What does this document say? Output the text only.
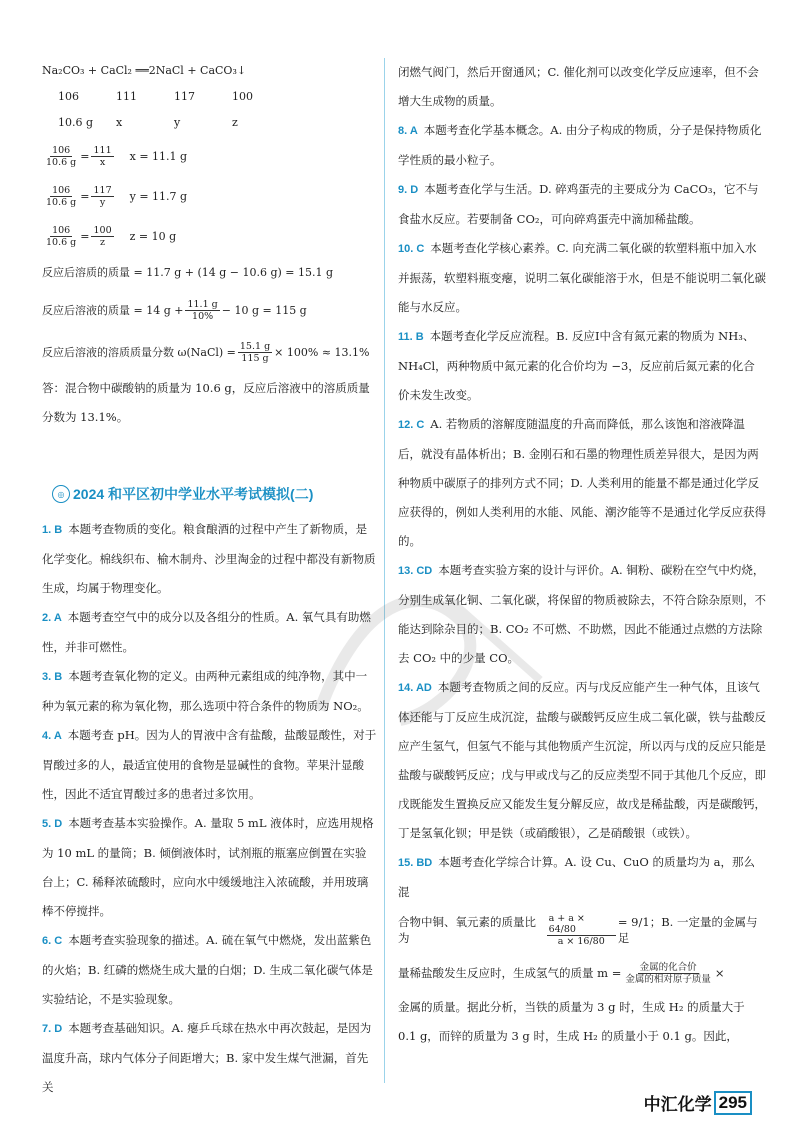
Na₂CO₃ + CaCl₂ ══2NaCl + CaCO₃↓
106	111	117	100
10.6 g x	y	z
$\frac{106}{10.6 g} = \frac{111}{x}$ x = 11.1 g
$\frac{106}{10.6 g} = \frac{117}{y}$ y = 11.7 g
$\frac{106}{10.6 g} = \frac{100}{z}$ z = 10 g
反应后溶质的质量 = 11.7 g + (14 g − 10.6 g) = 15.1 g
反应后溶液的质量 = 14 $g + \frac{11.1 g}{10\%} - 10$ g = 115 g
反应后溶液的溶质质量分数 ω(NaCl) = $\frac{15.1 g}{115 g} \times 100\% \approx 13.1\%$

答：混合物中碳酸钠的质量为 10.6 g，反应后溶液中的溶质质量分数为 13.1%。

◎ 2024 和平区初中学业水平考试模拟(二)

1. B 本题考查物质的变化。粮食酿酒的过程中产生了新物质，是化学变化。棉线织布、榆木制舟、沙里淘金的过程中都没有新物质生成，均属于物理变化。

2. A 本题考查空气中的成分以及各组分的性质。A. 氧气具有助燃性，并非可燃性。

3. B 本题考查氧化物的定义。由两种元素组成的纯净物，其中一种为氧元素的称为氧化物，那么选项中符合条件的物质为 NO₂。

4. A 本题考查 pH。因为人的胃液中含有盐酸，盐酸显酸性，对于胃酸过多的人，最适宜使用的食物是显碱性的食物。苹果汁显酸性，因此不适宜胃酸过多的患者过多饮用。

5. D 本题考查基本实验操作。A. 量取 5 mL 液体时，应选用规格为 10 mL 的量筒；B. 倾倒液体时，试剂瓶的瓶塞应倒置在实验台上；C. 稀释浓硫酸时，应向水中缓缓地注入浓硫酸，并用玻璃棒不停搅拌。

6. C 本题考查实验现象的描述。A. 硫在氧气中燃烧，发出蓝紫色的火焰；B. 红磷的燃烧生成大量的白烟；D. 生成二氧化碳气体是实验结论，不是实验现象。

7. D 本题考查基础知识。A. 瘪乒乓球在热水中再次鼓起，是因为温度升高，球内气体分子间距增大；B. 家中发生煤气泄漏，首先关

闭燃气阀门，然后开窗通风；C. 催化剂可以改变化学反应速率，但不会增大生成物的质量。

8. A 本题考查化学基本概念。A. 由分子构成的物质，分子是保持物质化学性质的最小粒子。

9. D 本题考查化学与生活。D. 碎鸡蛋壳的主要成分为 CaCO₃，它不与食盐水反应。若要制备 CO₂，可向碎鸡蛋壳中滴加稀盐酸。

10. C 本题考查化学核心素养。C. 向充满二氧化碳的软塑料瓶中加入水并振荡，软塑料瓶变瘪，说明二氧化碳能溶于水，但是不能说明二氧化碳能与水反应。

11. B 本题考查化学反应流程。B. 反应Ⅰ中含有氮元素的物质为 NH₃、NH₄Cl，两种物质中氮元素的化合价均为 −3，反应前后氮元素的化合价未发生改变。

12. C A. 若物质的溶解度随温度的升高而降低，那么该饱和溶液降温后，就没有晶体析出；B. 金刚石和石墨的物理性质差异很大，是因为两种物质中碳原子的排列方式不同；D. 人类利用的能量不都是通过化学反应获得的，例如人类利用的水能、风能、潮汐能等不是通过化学反应获得的。

13. CD 本题考查实验方案的设计与评价。A. 铜粉、碳粉在空气中灼烧，分别生成氧化铜、二氧化碳，将保留的物质被除去，不符合除杂原则，不能达到除杂目的；B. CO₂ 不可燃、不助燃，因此不能通过点燃的方法除去 CO₂ 中的少量 CO。

14. AD 本题考查物质之间的反应。丙与戊反应能产生一种气体，且该气体还能与丁反应生成沉淀，盐酸与碳酸钙反应生成二氧化碳，铁与盐酸反应产生氢气，但氢气不能与其他物质产生沉淀，所以丙与戊的反应只能是盐酸与碳酸钙反应；戊与甲或戊与乙的反应类型不同于其他几个反应，即戊既能发生置换反应又能发生复分解反应，故戊是稀盐酸，丙是碳酸钙，丁是氢氧化钡；甲是铁（或硝酸银），乙是硝酸银（或铁）。

15. BD 本题考查化学综合计算。A. 设 Cu、CuO 的质量均为 a，那么混

合物中铜、氧元素的质量比为	$\frac{a + a \times 64/80}{a \times 16/80} = 9/1$；B. 一定量的金属与足
量稀盐酸发生反应时，生成氢气的质量 $m = \frac{\text{金属的化合价}}{\text{金属的相对原子质量}}$ ×

金属的质量。据此分析，当铁的质量为 3 g 时，生成 H₂ 的质量大于 0.1 g，而锌的质量为 3 g 时，生成 H₂ 的质量小于 0.1 g。因此，

中汇化学 295
